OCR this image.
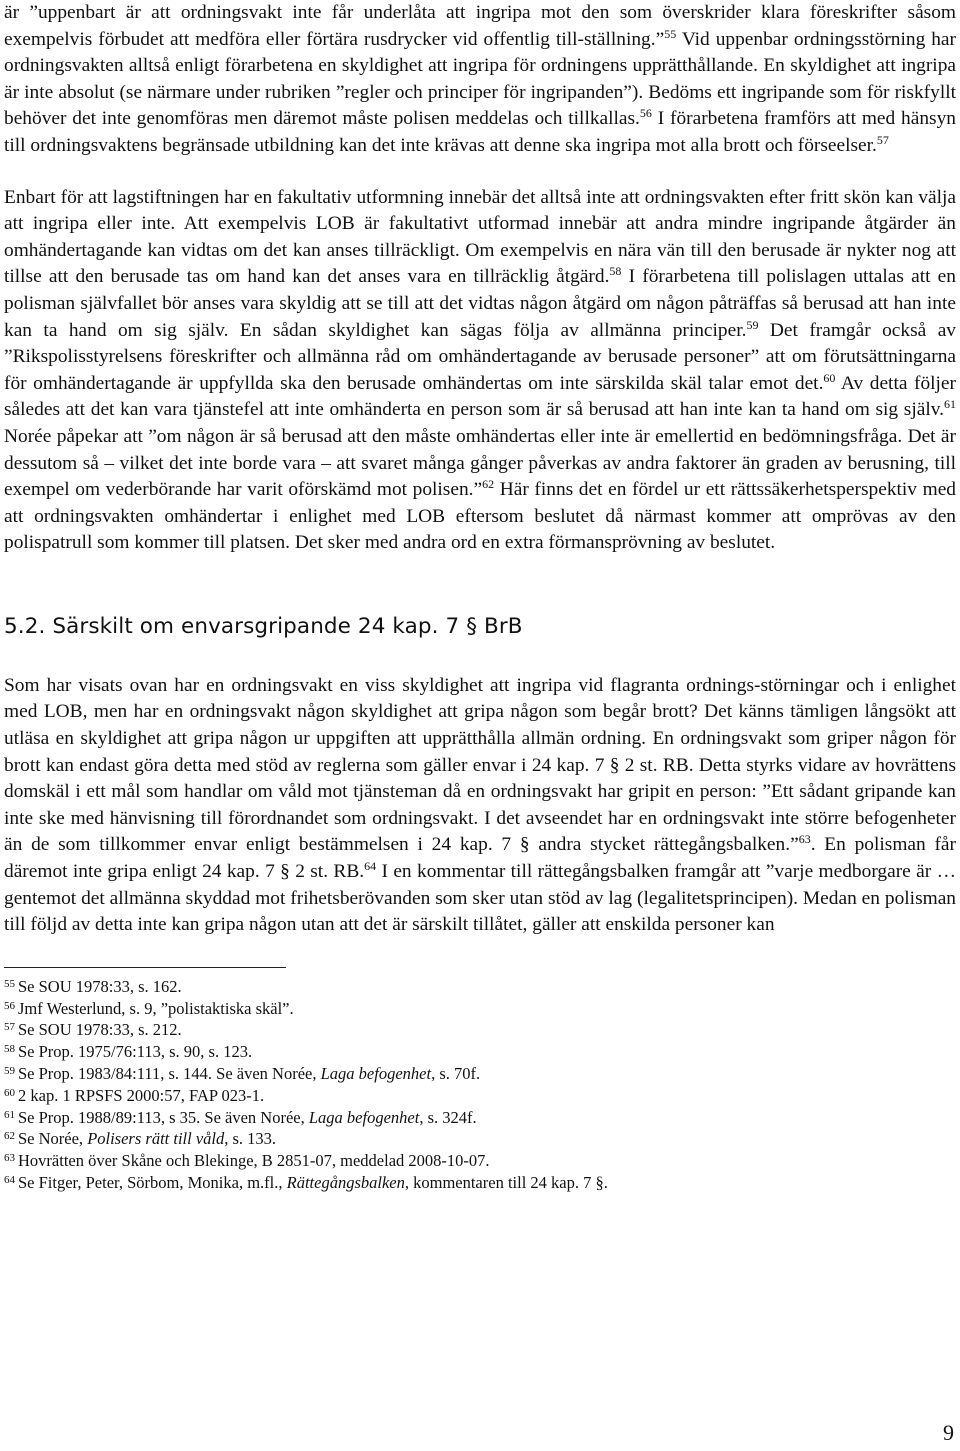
är ”uppenbart är att ordningsvakt inte får underlåta att ingripa mot den som överskrider klara föreskrifter såsom exempelvis förbudet att medföra eller förtära rusdrycker vid offentlig till-ställning.”$^{55}$ Vid uppenbar ordningsstörning har ordningsvakten alltså enligt förarbetena en skyldighet att ingripa för ordningens upprätthållande. En skyldighet att ingripa är inte absolut (se närmare under rubriken ”regler och principer för ingripanden”). Bedöms ett ingripande som för riskfyllt behöver det inte genomföras men däremot måste polisen meddelas och tillkallas.$^{56}$ I förarbetena framförs att med hänsyn till ordningsvaktens begränsade utbildning kan det inte krävas att denne ska ingripa mot alla brott och förseelser.$^{57}$

Enbart för att lagstiftningen har en fakultativ utformning innebär det alltså inte att ordningsvakten efter fritt skön kan välja att ingripa eller inte. Att exempelvis LOB är fakultativt utformad innebär att andra mindre ingripande åtgärder än omhändertagande kan vidtas om det kan anses tillräckligt. Om exempelvis en nära vän till den berusade är nykter nog att tillse att den berusade tas om hand kan det anses vara en tillräcklig åtgärd.$^{58}$ I förarbetena till polislagen uttalas att en polisman självfallet bör anses vara skyldig att se till att det vidtas någon åtgärd om någon påträffas så berusad att han inte kan ta hand om sig själv. En sådan skyldighet kan sägas följa av allmänna principer.$^{59}$ Det framgår också av ”Rikspolisstyrelsens föreskrifter och allmänna råd om omhändertagande av berusade personer” att om förutsättningarna för omhändertagande är uppfyllda ska den berusade omhändertas om inte särskilda skäl talar emot det.$^{60}$ Av detta följer således att det kan vara tjänstefel att inte omhänderta en person som är så berusad att han inte kan ta hand om sig själv.$^{61}$ Norée påpekar att ”om någon är så berusad att den måste omhändertas eller inte är emellertid en bedömningsfråga. Det är dessutom så – vilket det inte borde vara – att svaret många gånger påverkas av andra faktorer än graden av berusning, till exempel om vederbörande har varit oförskämd mot polisen.”$^{62}$ Här finns det en fördel ur ett rättssäkerhetsperspektiv med att ordningsvakten omhändertar i enlighet med LOB eftersom beslutet då närmast kommer att omprövas av den polispatrull som kommer till platsen. Det sker med andra ord en extra förmansprövning av beslutet.

5.2. Särskilt om envarsgripande 24 kap. 7 § BrB

Som har visats ovan har en ordningsvakt en viss skyldighet att ingripa vid flagranta ordnings-störningar och i enlighet med LOB, men har en ordningsvakt någon skyldighet att gripa någon som begår brott? Det känns tämligen långsökt att utläsa en skyldighet att gripa någon ur uppgiften att upprätthålla allmän ordning. En ordningsvakt som griper någon för brott kan endast göra detta med stöd av reglerna som gäller envar i 24 kap. 7 § 2 st. RB. Detta styrks vidare av hovrättens domskäl i ett mål som handlar om våld mot tjänsteman då en ordningsvakt har gripit en person: ”Ett sådant gripande kan inte ske med hänvisning till förordnandet som ordningsvakt. I det avseendet har en ordningsvakt inte större befogenheter än de som tillkommer envar enligt bestämmelsen i 24 kap. 7 § andra stycket rättegångsbalken.”$^{63}$. En polisman får däremot inte gripa enligt 24 kap. 7 § 2 st. RB.$^{64}$ I en kommentar till rättegångsbalken framgår att ”varje medborgare är … gentemot det allmänna skyddad mot frihetsberövanden som sker utan stöd av lag (legalitetsprincipen). Medan en polisman till följd av detta inte kan gripa någon utan att det är särskilt tillåtet, gäller att enskilda personer kan

$^{55}$ Se SOU 1978:33, s. 162.
$^{56}$ Jmf Westerlund, s. 9, ”polistaktiska skäl”.
$^{57}$ Se SOU 1978:33, s. 212.
$^{58}$ Se Prop. 1975/76:113, s. 90, s. 123.
$^{59}$ Se Prop. 1983/84:111, s. 144. Se även Norée, Laga befogenhet, s. 70f.
$^{60}$ 2 kap. 1 RPSFS 2000:57, FAP 023-1.
$^{61}$ Se Prop. 1988/89:113, s 35. Se även Norée, Laga befogenhet, s. 324f.
$^{62}$ Se Norée, Polisers rätt till våld, s. 133.
$^{63}$ Hovrätten över Skåne och Blekinge, B 2851-07, meddelad 2008-10-07.
$^{64}$ Se Fitger, Peter, Sörbom, Monika, m.fl., Rättegångsbalken, kommentaren till 24 kap. 7 §.
9
